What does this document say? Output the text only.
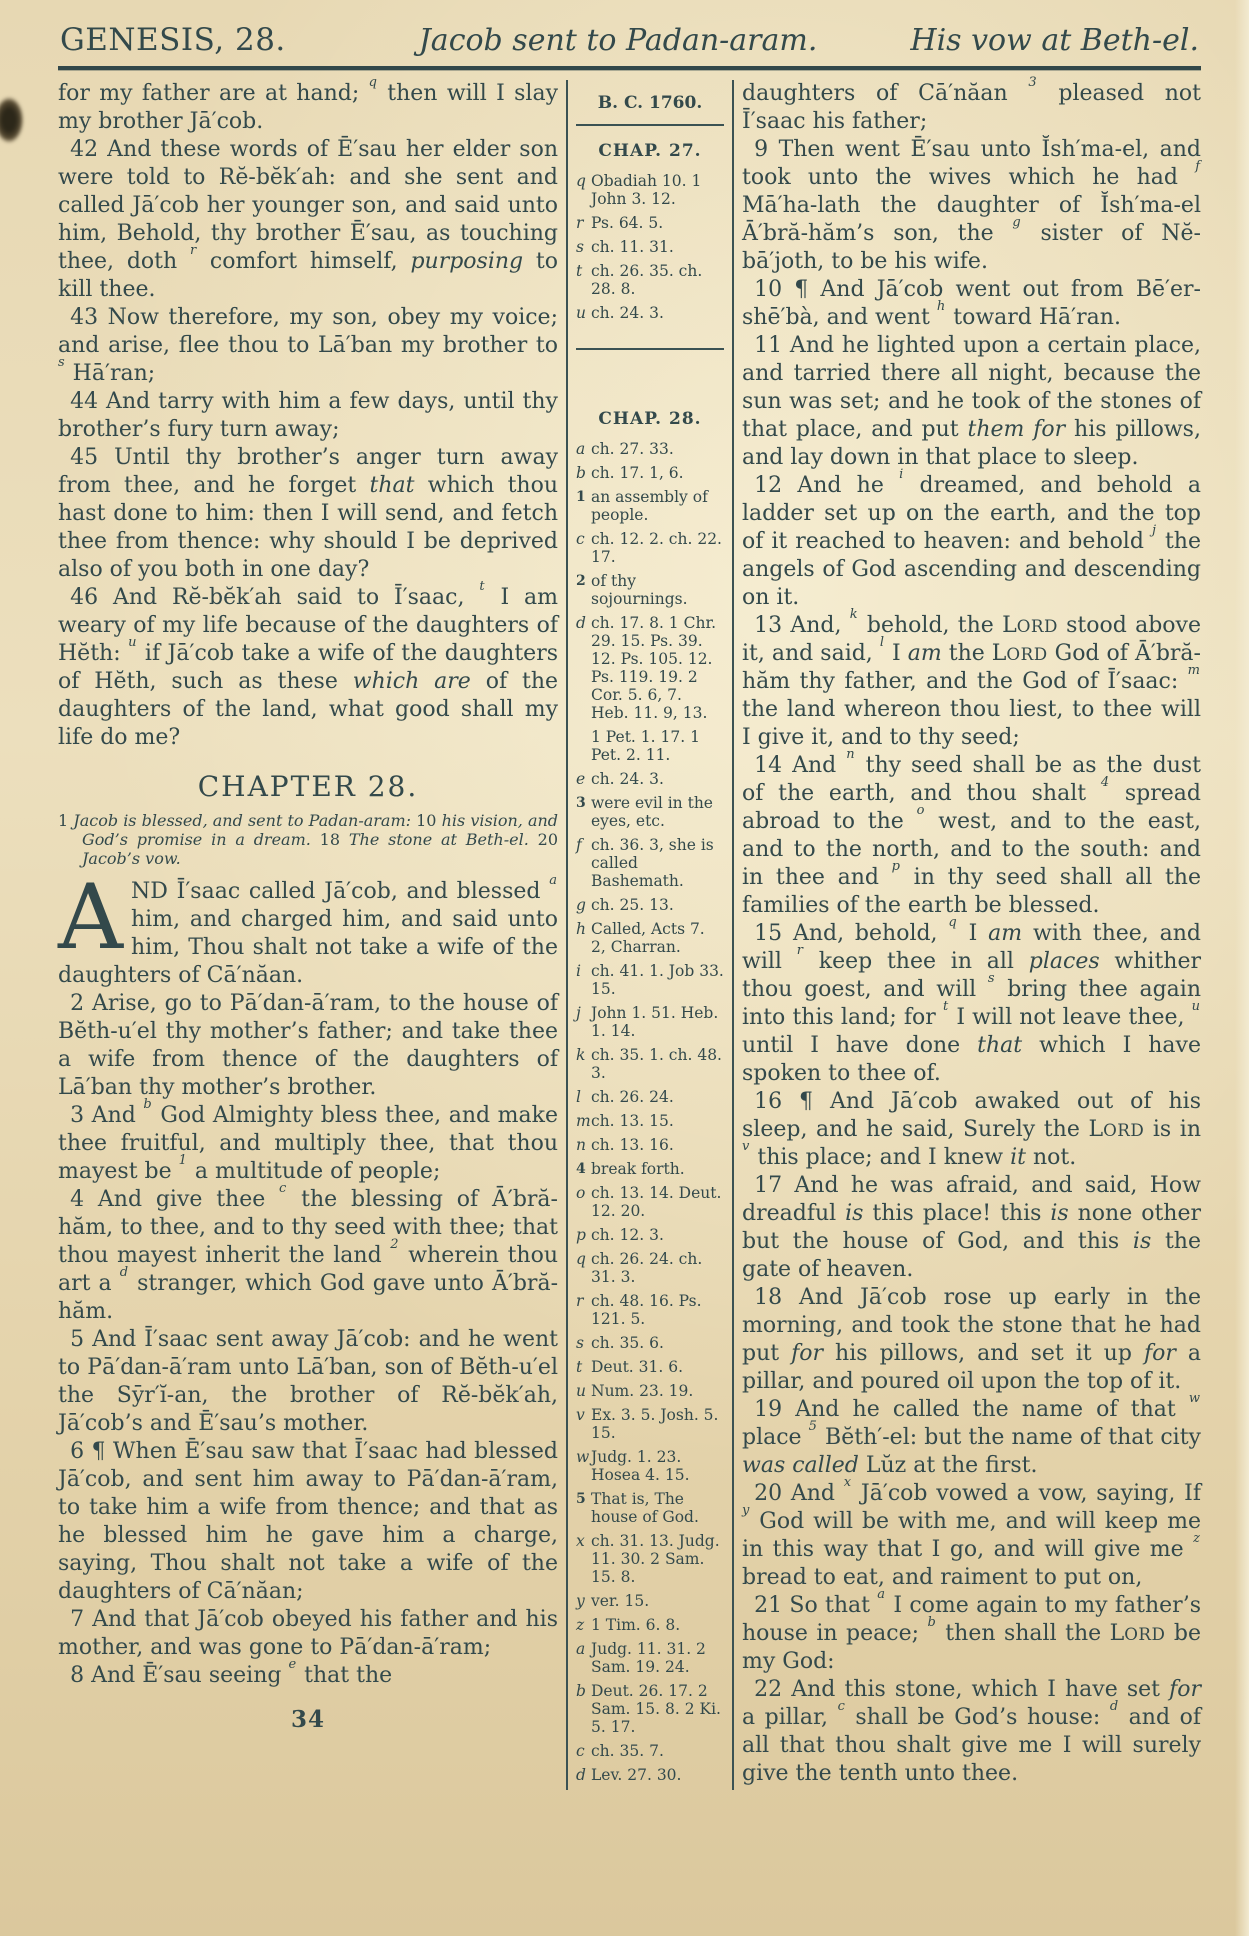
GENESIS, 28.	Jacob sent to Padan-aram.	His vow at Beth-el.

for my father are at hand; $^q$ then will I slay my brother Jā′cob.

42 And these words of Ē′sau her elder son were told to Rĕ-bĕk′ah: and she sent and called Jā′cob her younger son, and said unto him, Behold, thy brother Ē′sau, as touching thee, doth $^r$ comfort himself, purposing to kill thee.

43 Now therefore, my son, obey my voice; and arise, flee thou to Lā′ban my brother to $^s$ Hā′ran;

44 And tarry with him a few days, until thy brother’s fury turn away;

45 Until thy brother’s anger turn away from thee, and he forget that which thou hast done to him: then I will send, and fetch thee from thence: why should I be deprived also of you both in one day?

46 And Rĕ-bĕk′ah said to Ī′saac, $^t$ I am weary of my life because of the daughters of Hĕth: $^u$ if Jā′cob take a wife of the daughters of Hĕth, such as these which are of the daughters of the land, what good shall my life do me?

CHAPTER 28.

1 Jacob is blessed, and sent to Padan-aram: 10 his vision, and God’s promise in a dream. 18 The stone at Beth-el. 20 Jacob’s vow.

AND Ī′saac called Jā′cob, and blessed $^a$ him, and charged him, and said unto him, Thou shalt not take a wife of the daughters of Cā′năan.

2 Arise, go to Pā′dan-ā′ram, to the house of Bĕth-u′el thy mother’s father; and take thee a wife from thence of the daughters of Lā′ban thy mother’s brother.

3 And $^b$ God Almighty bless thee, and make thee fruitful, and multiply thee, that thou mayest be $^1$ a multitude of people;

4 And give thee $^c$ the blessing of Ā′bră-hăm, to thee, and to thy seed with thee; that thou mayest inherit the land $^2$ wherein thou art a $^d$ stranger, which God gave unto Ā′bră-hăm.

5 And Ī′saac sent away Jā′cob: and he went to Pā′dan-ā′ram unto Lā′ban, son of Bĕth-u′el the Sȳr′ĭ-an, the brother of Rĕ-bĕk′ah, Jā′cob’s and Ē′sau’s mother.

6 ¶ When Ē′sau saw that Ī′saac had blessed Jā′cob, and sent him away to Pā′dan-ā′ram, to take him a wife from thence; and that as he blessed him he gave him a charge, saying, Thou shalt not take a wife of the daughters of Cā′năan;

7 And that Jā′cob obeyed his father and his mother, and was gone to Pā′dan-ā′ram;

8 And Ē′sau seeing $^e$ that the

34
B. C. 1760.
CHAP. 27.
q Obadiah 10. 1 John 3. 12.
r Ps. 64. 5.
s ch. 11. 31.
t ch. 26. 35. ch. 28. 8.
u ch. 24. 3.
CHAP. 28.
a ch. 27. 33.
b ch. 17. 1, 6.
1 an assembly of people.
c ch. 12. 2. ch. 22. 17.
2 of thy sojournings.
d ch. 17. 8. 1 Chr. 29. 15. Ps. 39. 12. Ps. 105. 12. Ps. 119. 19. 2 Cor. 5. 6, 7. Heb. 11. 9, 13.
1 Pet. 1. 17. 1 Pet. 2. 11.
e ch. 24. 3.
3 were evil in the eyes, etc.
f ch. 36. 3, she is called Bashemath.
g ch. 25. 13.
h Called, Acts 7. 2, Charran.
i ch. 41. 1. Job 33. 15.
j John 1. 51. Heb. 1. 14.
k ch. 35. 1. ch. 48. 3.
l ch. 26. 24.
m ch. 13. 15.
n ch. 13. 16.
4 break forth.
o ch. 13. 14. Deut. 12. 20.
p ch. 12. 3.
q ch. 26. 24. ch. 31. 3.
r ch. 48. 16. Ps. 121. 5.
s ch. 35. 6.
t Deut. 31. 6.
u Num. 23. 19.
v Ex. 3. 5. Josh. 5. 15.
w Judg. 1. 23. Hosea 4. 15.
5 That is, The house of God.
x ch. 31. 13. Judg. 11. 30. 2 Sam. 15. 8.
y ver. 15.
z 1 Tim. 6. 8.
a Judg. 11. 31. 2 Sam. 19. 24.
b Deut. 26. 17. 2 Sam. 15. 8. 2 Ki. 5. 17.
c ch. 35. 7.
d Lev. 27. 30.

daughters of Cā′năan $^3$ pleased not Ī′saac his father;

9 Then went Ē′sau unto Ĭsh′ma-el, and took unto the wives which he had $^f$ Mā′ha-lath the daughter of Ĭsh′ma-el Ā′bră-hăm’s son, the $^g$ sister of Nĕ-bā′joth, to be his wife.

10 ¶ And Jā′cob went out from Bē′er-shē′bà, and went $^h$ toward Hā′ran.

11 And he lighted upon a certain place, and tarried there all night, because the sun was set; and he took of the stones of that place, and put them for his pillows, and lay down in that place to sleep.

12 And he $^i$ dreamed, and behold a ladder set up on the earth, and the top of it reached to heaven: and behold $^j$ the angels of God ascending and descending on it.

13 And, $^k$ behold, the LORD stood above it, and said, $^l$ I am the LORD God of Ā′bră-hăm thy father, and the God of Ī′saac: $^m$ the land whereon thou liest, to thee will I give it, and to thy seed;

14 And $^n$ thy seed shall be as the dust of the earth, and thou shalt $^4$ spread abroad to the $^o$ west, and to the east, and to the north, and to the south: and in thee and $^p$ in thy seed shall all the families of the earth be blessed.

15 And, behold, $^q$ I am with thee, and will $^r$ keep thee in all places whither thou goest, and will $^s$ bring thee again into this land; for $^t$ I will not leave thee, $^u$ until I have done that which I have spoken to thee of.

16 ¶ And Jā′cob awaked out of his sleep, and he said, Surely the LORD is in $^v$ this place; and I knew it not.

17 And he was afraid, and said, How dreadful is this place! this is none other but the house of God, and this is the gate of heaven.

18 And Jā′cob rose up early in the morning, and took the stone that he had put for his pillows, and set it up for a pillar, and poured oil upon the top of it.

19 And he called the name of that $^w$ place $^5$ Bĕth′-el: but the name of that city was called Lŭz at the first.

20 And $^x$ Jā′cob vowed a vow, saying, If $^y$ God will be with me, and will keep me in this way that I go, and will give me $^z$ bread to eat, and raiment to put on,

21 So that $^a$ I come again to my father’s house in peace; $^b$ then shall the LORD be my God:

22 And this stone, which I have set for a pillar, $^c$ shall be God’s house: $^d$ and of all that thou shalt give me I will surely give the tenth unto thee.
